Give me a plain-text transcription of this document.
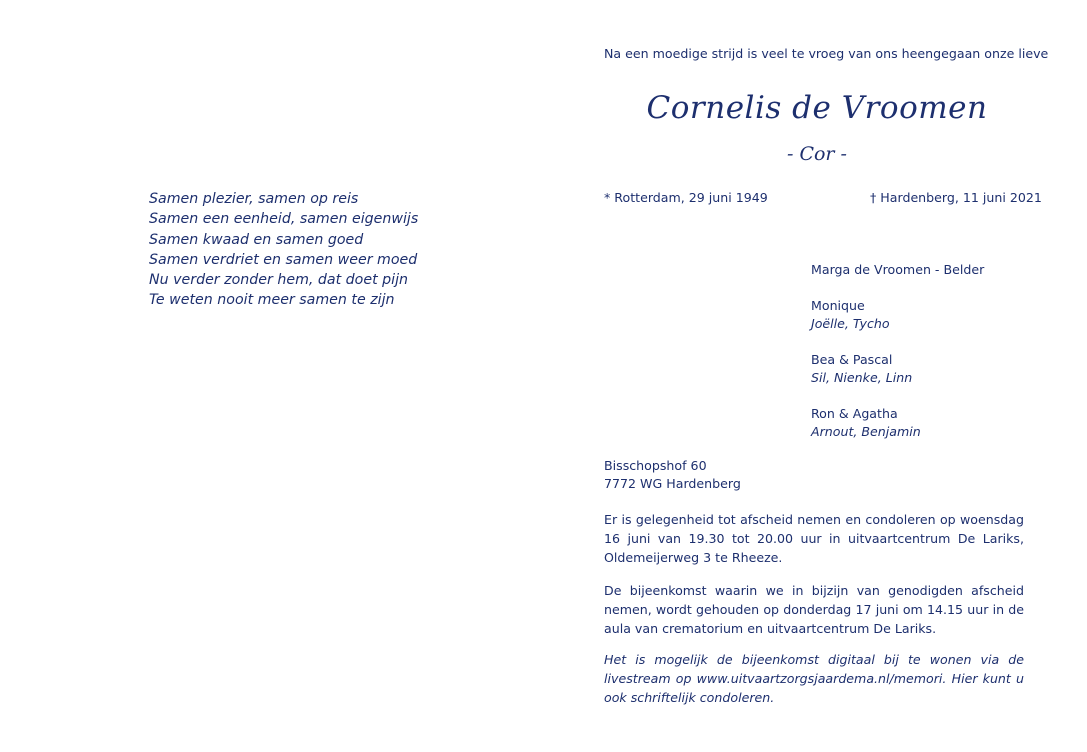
Samen plezier, samen op reis
Samen een eenheid, samen eigenwijs
Samen kwaad en samen goed
Samen verdriet en samen weer moed
Nu verder zonder hem, dat doet pijn
Te weten nooit meer samen te zijn
Na een moedige strijd is veel te vroeg van ons heengegaan onze lieve
Cornelis de Vroomen
- Cor -
* Rotterdam, 29 juni 1949	† Hardenberg, 11 juni 2021
Marga de Vroomen - Belder
Monique
Joëlle, Tycho
Bea & Pascal
Sil, Nienke, Linn
Ron & Agatha
Arnout, Benjamin
Bisschopshof 60
7772 WG Hardenberg
Er is gelegenheid tot afscheid nemen en condoleren op woensdag 16 juni van 19.30 tot 20.00 uur in uitvaartcentrum De Lariks, Oldemeijerweg 3 te Rheeze.
De bijeenkomst waarin we in bijzijn van genodigden afscheid nemen, wordt gehouden op donderdag 17 juni om 14.15 uur in de aula van crematorium en uitvaartcentrum De Lariks.
Het is mogelijk de bijeenkomst digitaal bij te wonen via de livestream op www.uitvaartzorgsjaardema.nl/memori. Hier kunt u ook schriftelijk condoleren.
